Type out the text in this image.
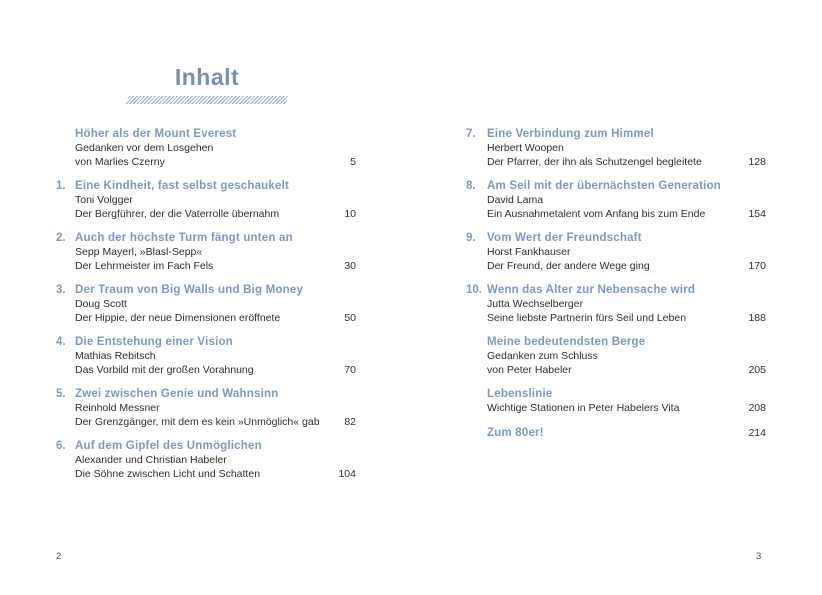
Inhalt
Höher als der Mount Everest
Gedanken vor dem Losgehen
von Marlies Czerny	5
1. Eine Kindheit, fast selbst geschaukelt
Toni Volgger
Der Bergführer, der die Vaterrolle übernahm	10
2. Auch der höchste Turm fängt unten an
Sepp Mayerl, »Blasl-Sepp«
Der Lehrmeister im Fach Fels	30
3. Der Traum von Big Walls und Big Money
Doug Scott
Der Hippie, der neue Dimensionen eröffnete	50
4. Die Entstehung einer Vision
Mathias Rebitsch
Das Vorbild mit der großen Vorahnung	70
5. Zwei zwischen Genie und Wahnsinn
Reinhold Messner
Der Grenzgänger, mit dem es kein »Unmöglich« gab	82
6. Auf dem Gipfel des Unmöglichen
Alexander und Christian Habeler
Die Söhne zwischen Licht und Schatten	104
7. Eine Verbindung zum Himmel
Herbert Woopen
Der Pfarrer, der ihn als Schutzengel begleitete	128
8. Am Seil mit der übernächsten Generation
David Lama
Ein Ausnahmetalent vom Anfang bis zum Ende	154
9. Vom Wert der Freundschaft
Horst Fankhauser
Der Freund, der andere Wege ging	170
10. Wenn das Alter zur Nebensache wird
Jutta Wechselberger
Seine liebste Partnerin fürs Seil und Leben	188
Meine bedeutendsten Berge
Gedanken zum Schluss
von Peter Habeler	205
Lebenslinie
Wichtige Stationen in Peter Habelers Vita	208
Zum 80er!	214
2	3
